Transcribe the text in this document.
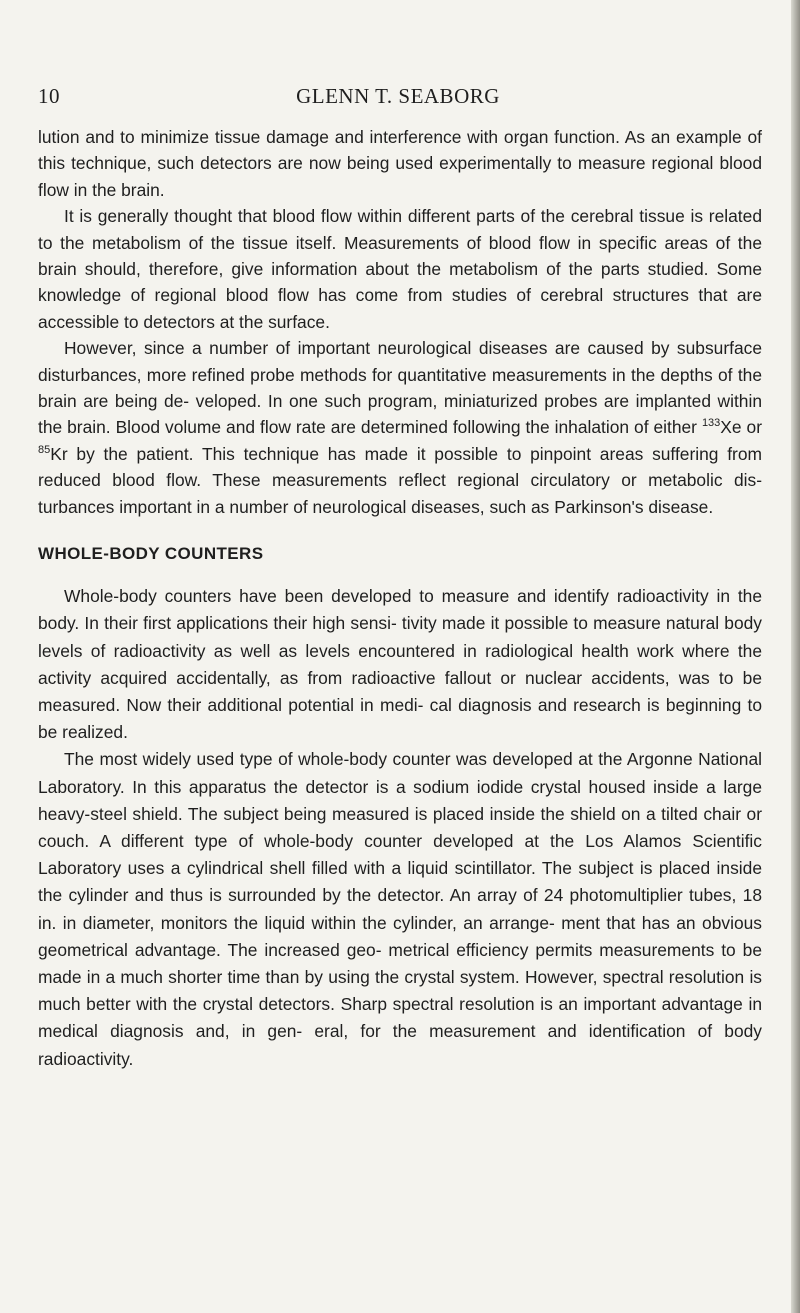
10	GLENN T. SEABORG

lution and to minimize tissue damage and interference with organ function. As an example of this technique, such detectors are now being used experimentally to measure regional blood flow in the brain.

It is generally thought that blood flow within different parts of the cerebral tissue is related to the metabolism of the tissue itself. Measurements of blood flow in specific areas of the brain should, therefore, give information about the metabolism of the parts studied. Some knowledge of regional blood flow has come from studies of cerebral structures that are accessible to detectors at the surface.

However, since a number of important neurological diseases are caused by subsurface disturbances, more refined probe methods for quantitative measurements in the depths of the brain are being de- veloped. In one such program, miniaturized probes are implanted within the brain. Blood volume and flow rate are determined following the inhalation of either $^{133}$Xe or $^{85}$Kr by the patient. This technique has made it possible to pinpoint areas suffering from reduced blood flow. These measurements reflect regional circulatory or metabolic dis- turbances important in a number of neurological diseases, such as Parkinson's disease.

WHOLE-BODY COUNTERS

Whole-body counters have been developed to measure and identify radioactivity in the body. In their first applications their high sensi- tivity made it possible to measure natural body levels of radioactivity as well as levels encountered in radiological health work where the activity acquired accidentally, as from radioactive fallout or nuclear accidents, was to be measured. Now their additional potential in medi- cal diagnosis and research is beginning to be realized.

The most widely used type of whole-body counter was developed at the Argonne National Laboratory. In this apparatus the detector is a sodium iodide crystal housed inside a large heavy-steel shield. The subject being measured is placed inside the shield on a tilted chair or couch. A different type of whole-body counter developed at the Los Alamos Scientific Laboratory uses a cylindrical shell filled with a liquid scintillator. The subject is placed inside the cylinder and thus is surrounded by the detector. An array of 24 photomultiplier tubes, 18 in. in diameter, monitors the liquid within the cylinder, an arrange- ment that has an obvious geometrical advantage. The increased geo- metrical efficiency permits measurements to be made in a much shorter time than by using the crystal system. However, spectral resolution is much better with the crystal detectors. Sharp spectral resolution is an important advantage in medical diagnosis and, in gen- eral, for the measurement and identification of body radioactivity.
